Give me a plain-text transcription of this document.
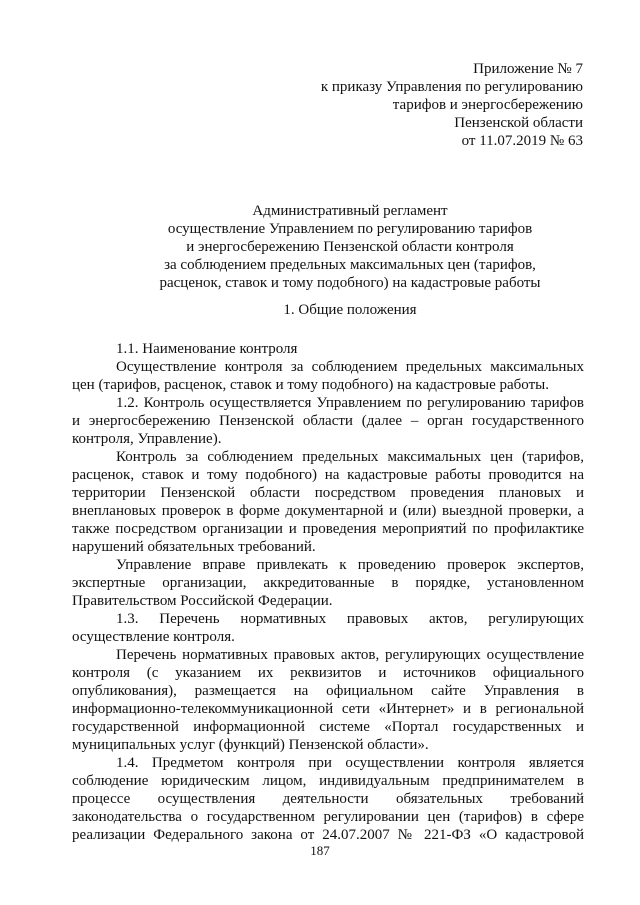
Приложение № 7
к приказу Управления по регулированию
тарифов и энергосбережению
Пензенской области
от 11.07.2019 № 63
Административный регламент
осуществление Управлением по регулированию тарифов
и энергосбережению Пензенской области контроля
за соблюдением предельных максимальных цен (тарифов,
расценок, ставок и тому подобного) на кадастровые работы
1. Общие положения
1.1. Наименование контроля
Осуществление контроля за соблюдением предельных максимальных
цен (тарифов, расценок, ставок и тому подобного) на кадастровые работы.
1.2. Контроль осуществляется Управлением по регулированию тарифов
и энергосбережению Пензенской области (далее – орган государственного
контроля, Управление).
Контроль за соблюдением предельных максимальных цен (тарифов,
расценок, ставок и тому подобного) на кадастровые работы проводится на
территории Пензенской области посредством проведения плановых и
внеплановых проверок в форме документарной и (или) выездной проверки, а
также посредством организации и проведения мероприятий по профилактике
нарушений обязательных требований.
Управление вправе привлекать к проведению проверок экспертов,
экспертные организации, аккредитованные в порядке, установленном
Правительством Российской Федерации.
1.3. Перечень нормативных правовых актов, регулирующих
осуществление контроля.
Перечень нормативных правовых актов, регулирующих осуществление
контроля (с указанием их реквизитов и источников официального
опубликования), размещается на официальном сайте Управления в
информационно-телекоммуникационной сети «Интернет» и в региональной
государственной информационной системе «Портал государственных и
муниципальных услуг (функций) Пензенской области».
1.4. Предметом контроля при осуществлении контроля является
соблюдение юридическим лицом, индивидуальным предпринимателем в
процессе осуществления деятельности обязательных требований
законодательства о государственном регулировании цен (тарифов) в сфере
реализации Федерального закона от 24.07.2007 № 221-ФЗ «О кадастровой
187
